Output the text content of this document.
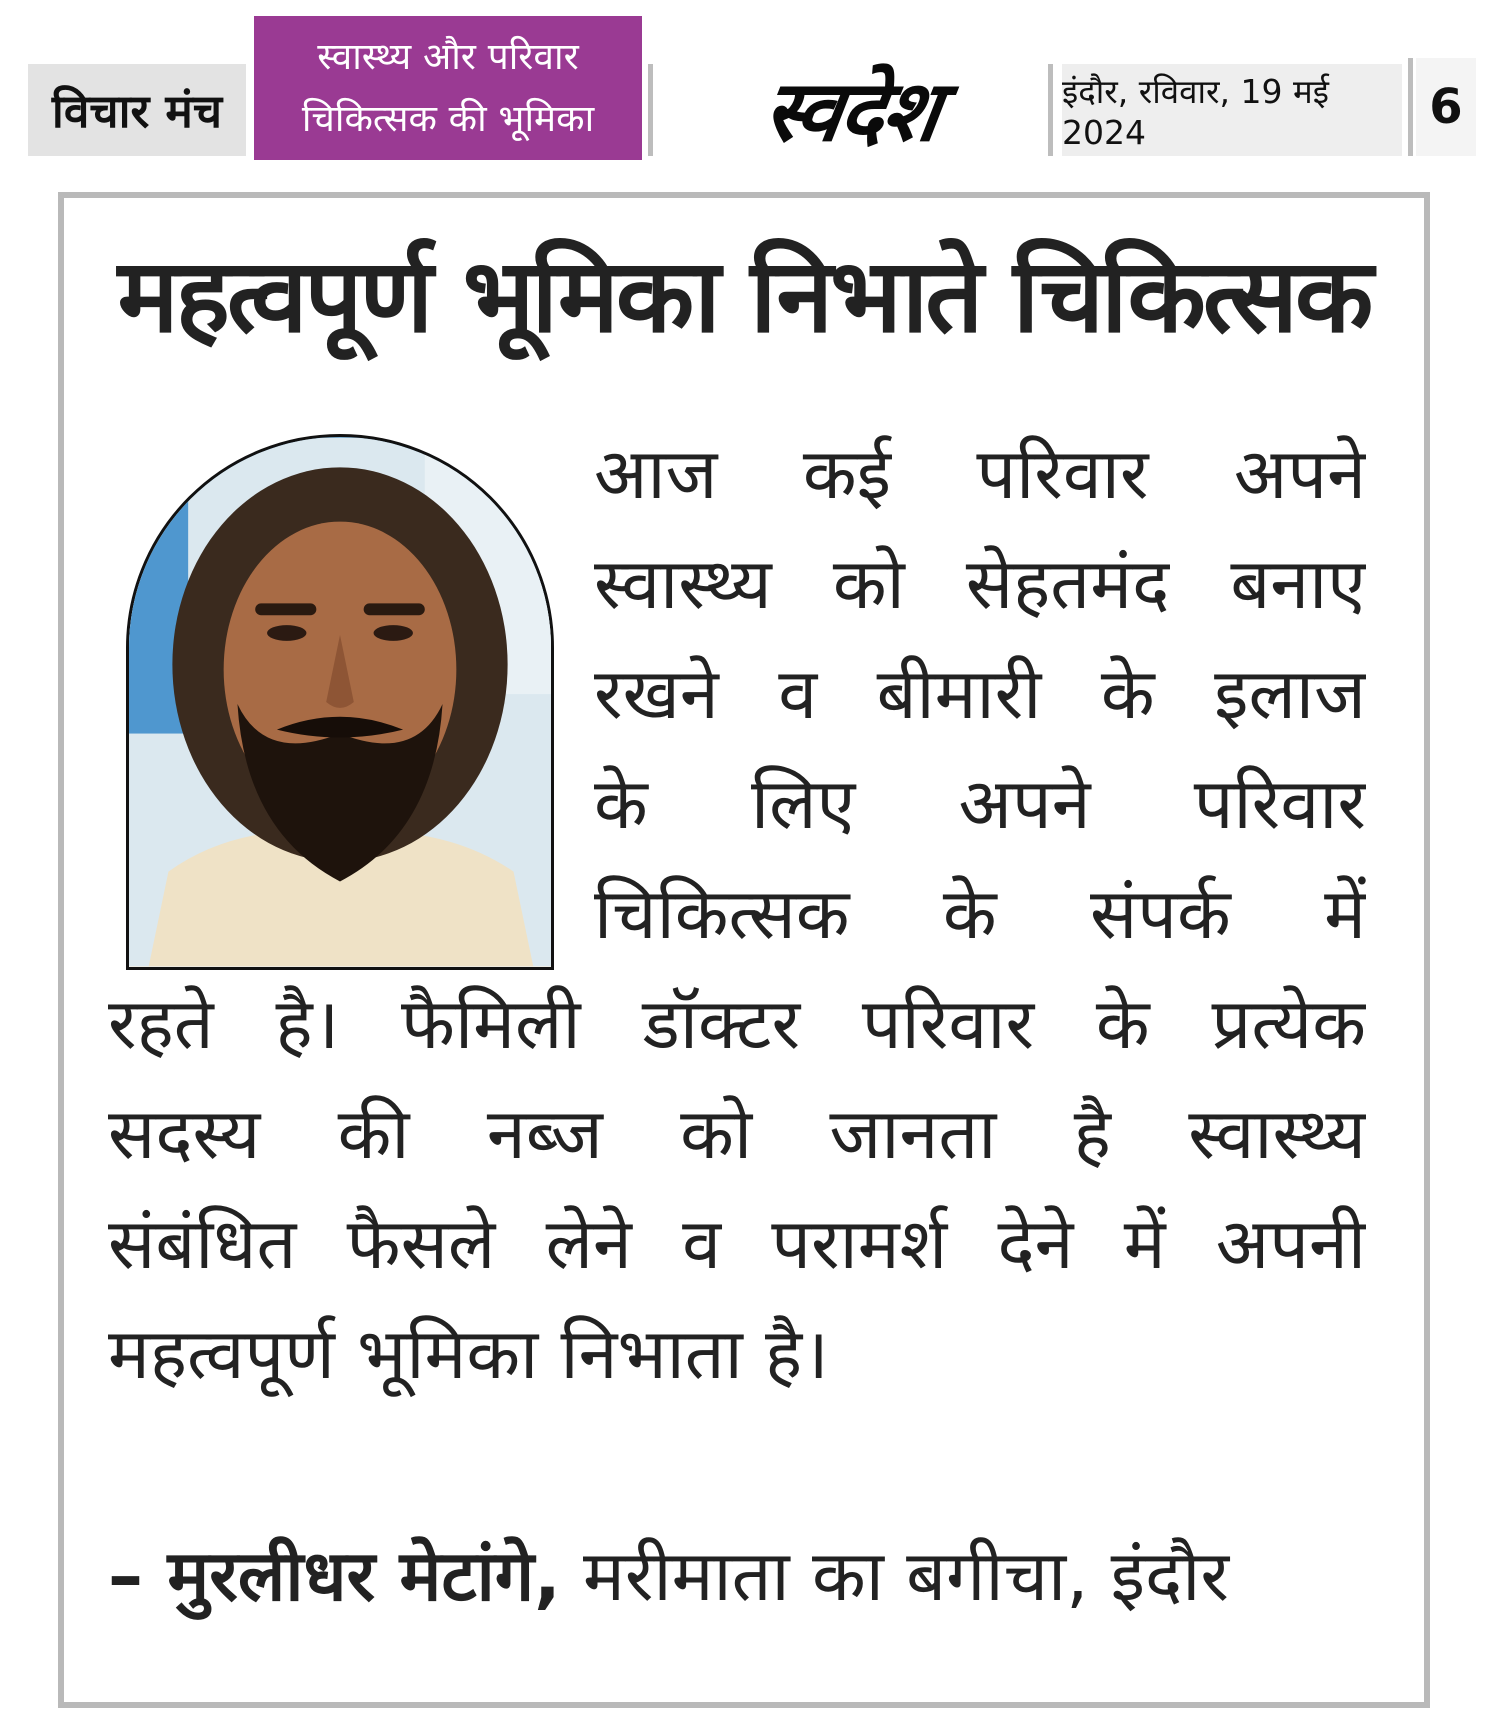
विचार मंच
स्वास्थ्य और परिवार
चिकित्सक की भूमिका	स्वदेश	इंदौर, रविवार, 19 मई 2024	6
महत्वपूर्ण भूमिका निभाते चिकित्सक
आज कई परिवार अपने
स्वास्थ्य को सेहतमंद बनाए
रखने व बीमारी के इलाज
के लिए अपने परिवार
चिकित्सक के संपर्क में
रहते है। फैमिली डॉक्टर परिवार के प्रत्येक
सदस्य की नब्ज को जानता है स्वास्थ्य
संबंधित फैसले लेने व परामर्श देने में अपनी
महत्वपूर्ण भूमिका निभाता है।
– मुरलीधर मेटांगे, मरीमाता का बगीचा, इंदौर
